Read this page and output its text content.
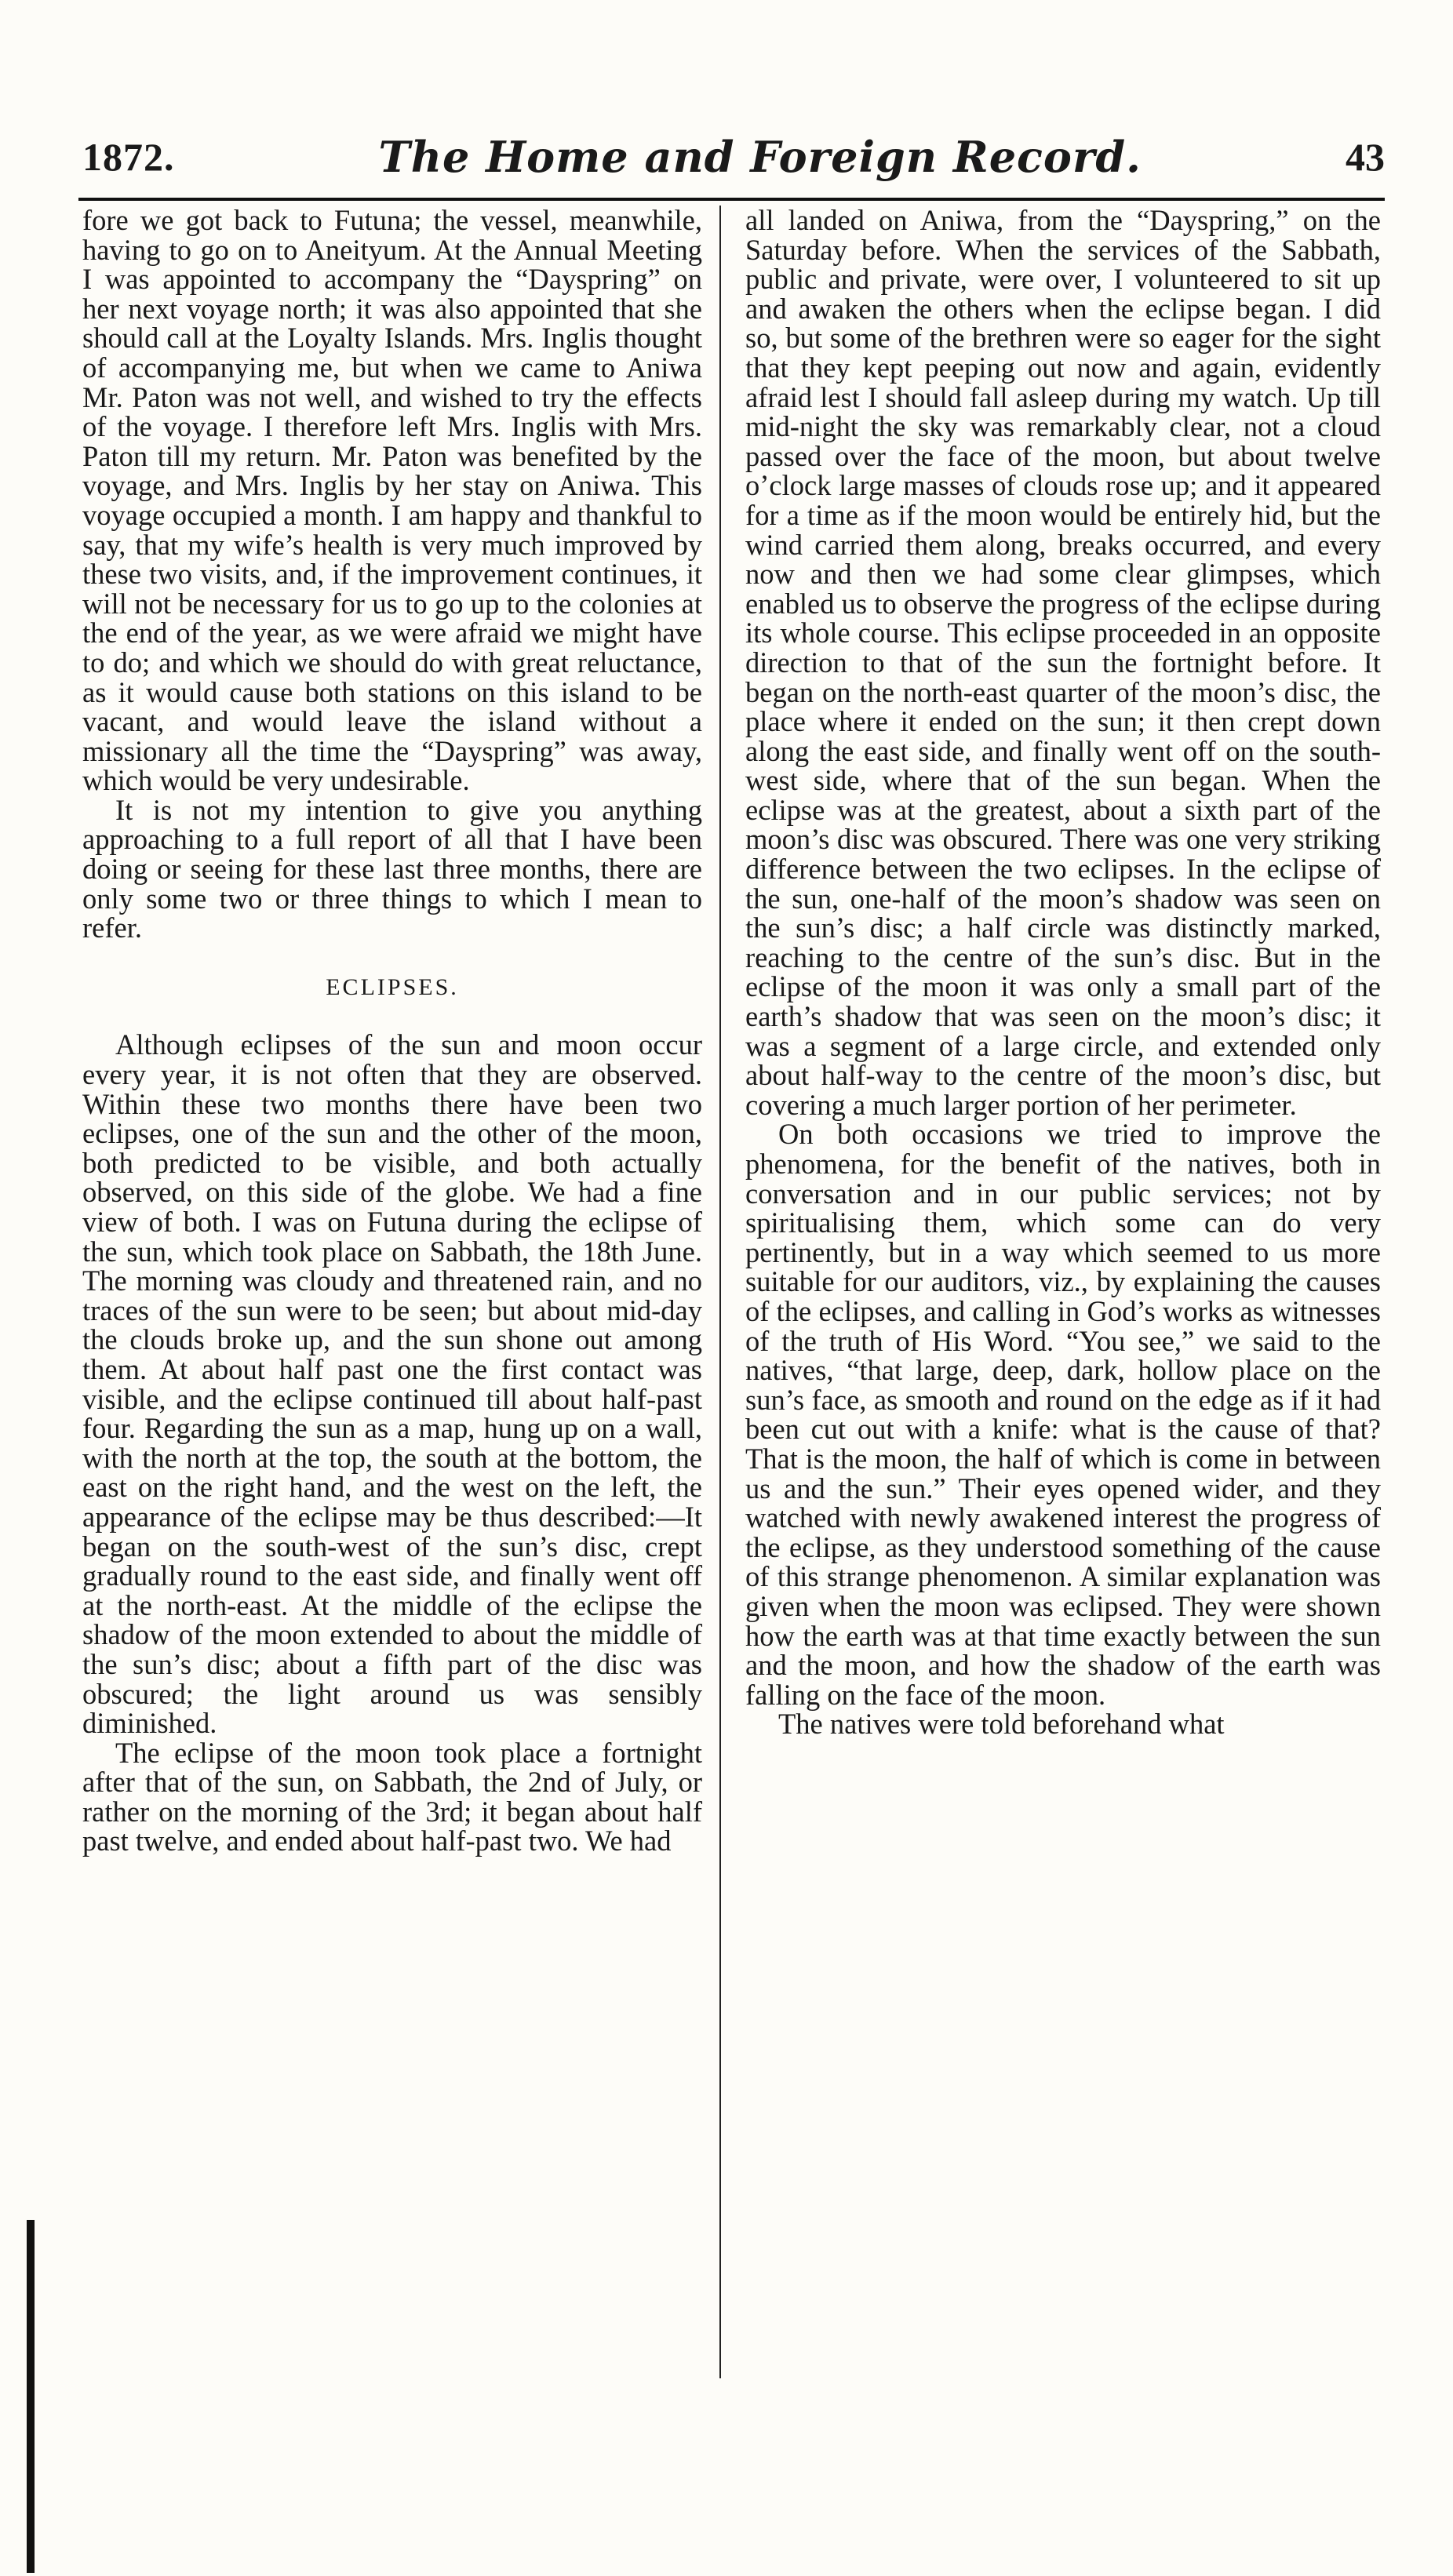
1872.	The Home and Foreign Record.	43

fore we got back to Futuna; the vessel, meanwhile, having to go on to Aneityum. At the Annual Meeting I was appointed to accompany the “Dayspring” on her next voyage north; it was also appointed that she should call at the Loyalty Islands. Mrs. Inglis thought of accompanying me, but when we came to Aniwa Mr. Paton was not well, and wished to try the effects of the voyage. I therefore left Mrs. Inglis with Mrs. Paton till my return. Mr. Paton was benefited by the voyage, and Mrs. Inglis by her stay on Aniwa. This voyage occupied a month. I am happy and thankful to say, that my wife’s health is very much improved by these two visits, and, if the improvement continues, it will not be necessary for us to go up to the colonies at the end of the year, as we were afraid we might have to do; and which we should do with great reluctance, as it would cause both stations on this island to be vacant, and would leave the island without a missionary all the time the “Dayspring” was away, which would be very undesirable.

It is not my intention to give you anything approaching to a full report of all that I have been doing or seeing for these last three months, there are only some two or three things to which I mean to refer.

ECLIPSES.

Although eclipses of the sun and moon occur every year, it is not often that they are observed. Within these two months there have been two eclipses, one of the sun and the other of the moon, both predicted to be visible, and both actually observed, on this side of the globe. We had a fine view of both. I was on Futuna during the eclipse of the sun, which took place on Sabbath, the 18th June. The morning was cloudy and threatened rain, and no traces of the sun were to be seen; but about mid-day the clouds broke up, and the sun shone out among them. At about half past one the first contact was visible, and the eclipse continued till about half-past four. Regarding the sun as a map, hung up on a wall, with the north at the top, the south at the bottom, the east on the right hand, and the west on the left, the appearance of the eclipse may be thus described:—It began on the south-west of the sun’s disc, crept gradually round to the east side, and finally went off at the north-east. At the middle of the eclipse the shadow of the moon extended to about the middle of the sun’s disc; about a fifth part of the disc was obscured; the light around us was sensibly diminished.

The eclipse of the moon took place a fortnight after that of the sun, on Sabbath, the 2nd of July, or rather on the morning of the 3rd; it began about half past twelve, and ended about half-past two. We had

all landed on Aniwa, from the “Dayspring,” on the Saturday before. When the services of the Sabbath, public and private, were over, I volunteered to sit up and awaken the others when the eclipse began. I did so, but some of the brethren were so eager for the sight that they kept peeping out now and again, evidently afraid lest I should fall asleep during my watch. Up till mid-night the sky was remarkably clear, not a cloud passed over the face of the moon, but about twelve o’clock large masses of clouds rose up; and it appeared for a time as if the moon would be entirely hid, but the wind carried them along, breaks occurred, and every now and then we had some clear glimpses, which enabled us to observe the progress of the eclipse during its whole course. This eclipse proceeded in an opposite direction to that of the sun the fortnight before. It began on the north-east quarter of the moon’s disc, the place where it ended on the sun; it then crept down along the east side, and finally went off on the south-west side, where that of the sun began. When the eclipse was at the greatest, about a sixth part of the moon’s disc was obscured. There was one very striking difference between the two eclipses. In the eclipse of the sun, one-half of the moon’s shadow was seen on the sun’s disc; a half circle was distinctly marked, reaching to the centre of the sun’s disc. But in the eclipse of the moon it was only a small part of the earth’s shadow that was seen on the moon’s disc; it was a segment of a large circle, and extended only about half-way to the centre of the moon’s disc, but covering a much larger portion of her perimeter.

On both occasions we tried to improve the phenomena, for the benefit of the natives, both in conversation and in our public services; not by spiritualising them, which some can do very pertinently, but in a way which seemed to us more suitable for our auditors, viz., by explaining the causes of the eclipses, and calling in God’s works as witnesses of the truth of His Word. “You see,” we said to the natives, “that large, deep, dark, hollow place on the sun’s face, as smooth and round on the edge as if it had been cut out with a knife: what is the cause of that? That is the moon, the half of which is come in between us and the sun.” Their eyes opened wider, and they watched with newly awakened interest the progress of the eclipse, as they understood something of the cause of this strange phenomenon. A similar explanation was given when the moon was eclipsed. They were shown how the earth was at that time exactly between the sun and the moon, and how the shadow of the earth was falling on the face of the moon.

The natives were told beforehand what
